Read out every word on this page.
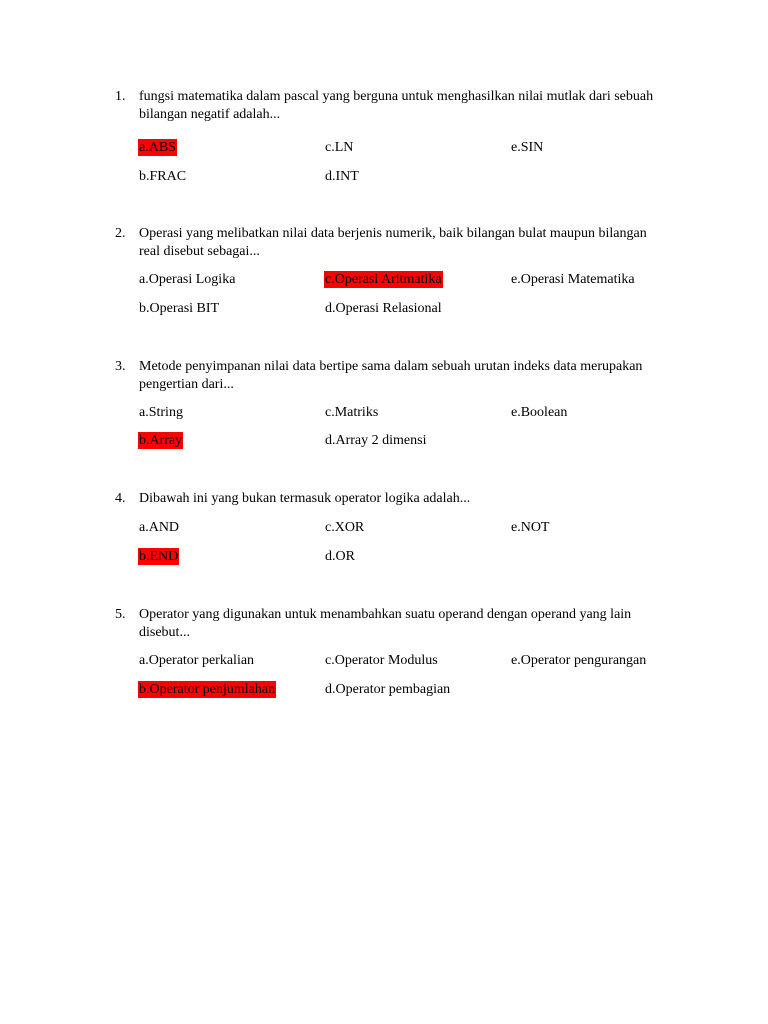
1. fungsi matematika dalam pascal yang berguna untuk menghasilkan nilai mutlak dari sebuah bilangan negatif adalah...
a.ABS	c.LN	e.SIN
b.FRAC	d.INT
2. Operasi yang melibatkan nilai data berjenis numerik, baik bilangan bulat maupun bilangan real disebut sebagai...
a.Operasi Logika	c.Operasi Aritmatika	e.Operasi Matematika
b.Operasi BIT	d.Operasi Relasional
3. Metode penyimpanan nilai data bertipe sama dalam sebuah urutan indeks data merupakan pengertian dari...
a.String	c.Matriks	e.Boolean
b.Array	d.Array 2 dimensi
4. Dibawah ini yang bukan termasuk operator logika adalah...
a.AND	c.XOR	e.NOT
b.END	d.OR
5. Operator yang digunakan untuk menambahkan suatu operand dengan operand yang lain disebut...
a.Operator perkalian	c.Operator Modulus	e.Operator pengurangan
b.Operator penjumlahan	d.Operator pembagian
